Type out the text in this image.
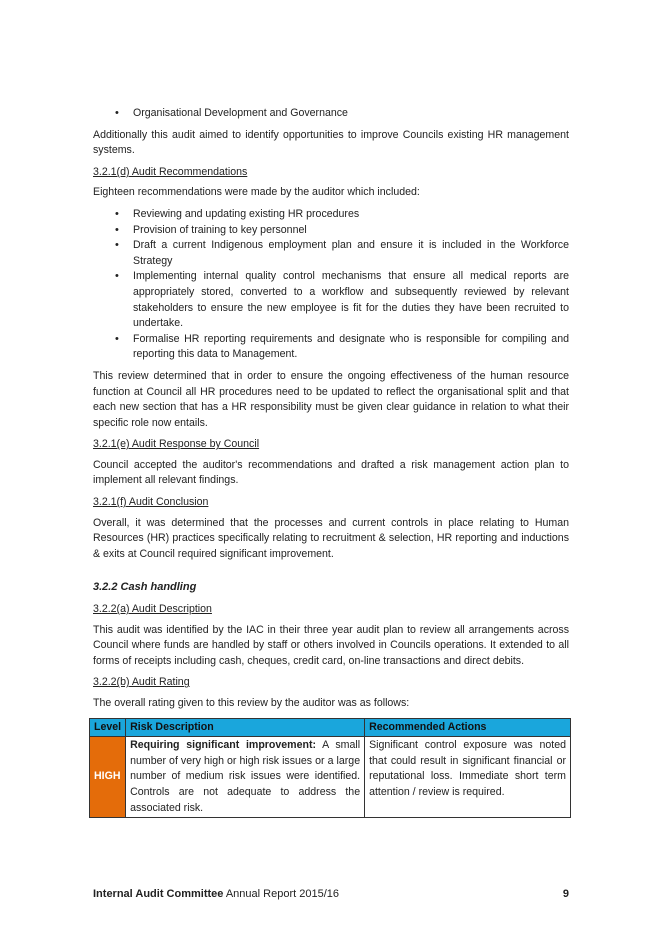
• Organisational Development and Governance

Additionally this audit aimed to identify opportunities to improve Councils existing HR management systems.

3.2.1(d) Audit Recommendations

Eighteen recommendations were made by the auditor which included:

• Reviewing and updating existing HR procedures
• Provision of training to key personnel
• Draft a current Indigenous employment plan and ensure it is included in the Workforce Strategy
• Implementing internal quality control mechanisms that ensure all medical reports are appropriately stored, converted to a workflow and subsequently reviewed by relevant stakeholders to ensure the new employee is fit for the duties they have been recruited to undertake.
• Formalise HR reporting requirements and designate who is responsible for compiling and reporting this data to Management.

This review determined that in order to ensure the ongoing effectiveness of the human resource function at Council all HR procedures need to be updated to reflect the organisational split and that each new section that has a HR responsibility must be given clear guidance in relation to what their specific role now entails.

3.2.1(e) Audit Response by Council

Council accepted the auditor's recommendations and drafted a risk management action plan to implement all relevant findings.

3.2.1(f) Audit Conclusion

Overall, it was determined that the processes and current controls in place relating to Human Resources (HR) practices specifically relating to recruitment & selection, HR reporting and inductions & exits at Council required significant improvement.

3.2.2 Cash handling

3.2.2(a) Audit Description

This audit was identified by the IAC in their three year audit plan to review all arrangements across Council where funds are handled by staff or others involved in Councils operations. It extended to all forms of receipts including cash, cheques, credit card, on-line transactions and direct debits.

3.2.2(b) Audit Rating

The overall rating given to this review by the auditor was as follows:

Level	Risk Description	Recommended Actions
HIGH	Requiring significant improvement: A small number of very high or high risk issues or a large number of medium risk issues were identified. Controls are not adequate to address the associated risk.	Significant control exposure was noted that could result in significant financial or reputational loss. Immediate short term attention / review is required.
Internal Audit Committee Annual Report 2015/16	9
